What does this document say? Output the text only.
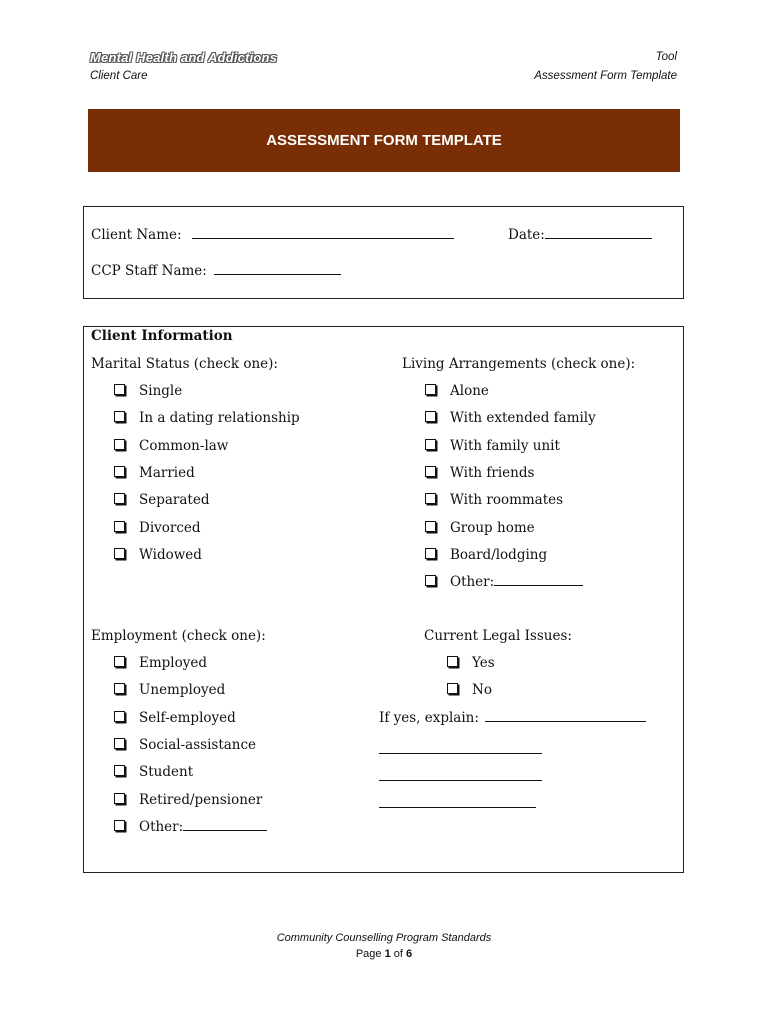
Mental Health and Addictions
Client Care
Tool
Assessment Form Template
ASSESSMENT FORM TEMPLATE
Client Name:	Date:
CCP Staff Name:
Client Information
Marital Status (check one):	Living Arrangements (check one):
Employment (check one):	Current Legal Issues:
If yes, explain:
Single
In a dating relationship
Common-law
Married
Separated
Divorced
Widowed
Alone
With extended family
With family unit
With friends
With roommates
Group home
Board/lodging
Other:
Employed
Unemployed
Self-employed
Social-assistance
Student
Retired/pensioner
Other:
Yes
No
Community Counselling Program Standards
Page 1 of 6
